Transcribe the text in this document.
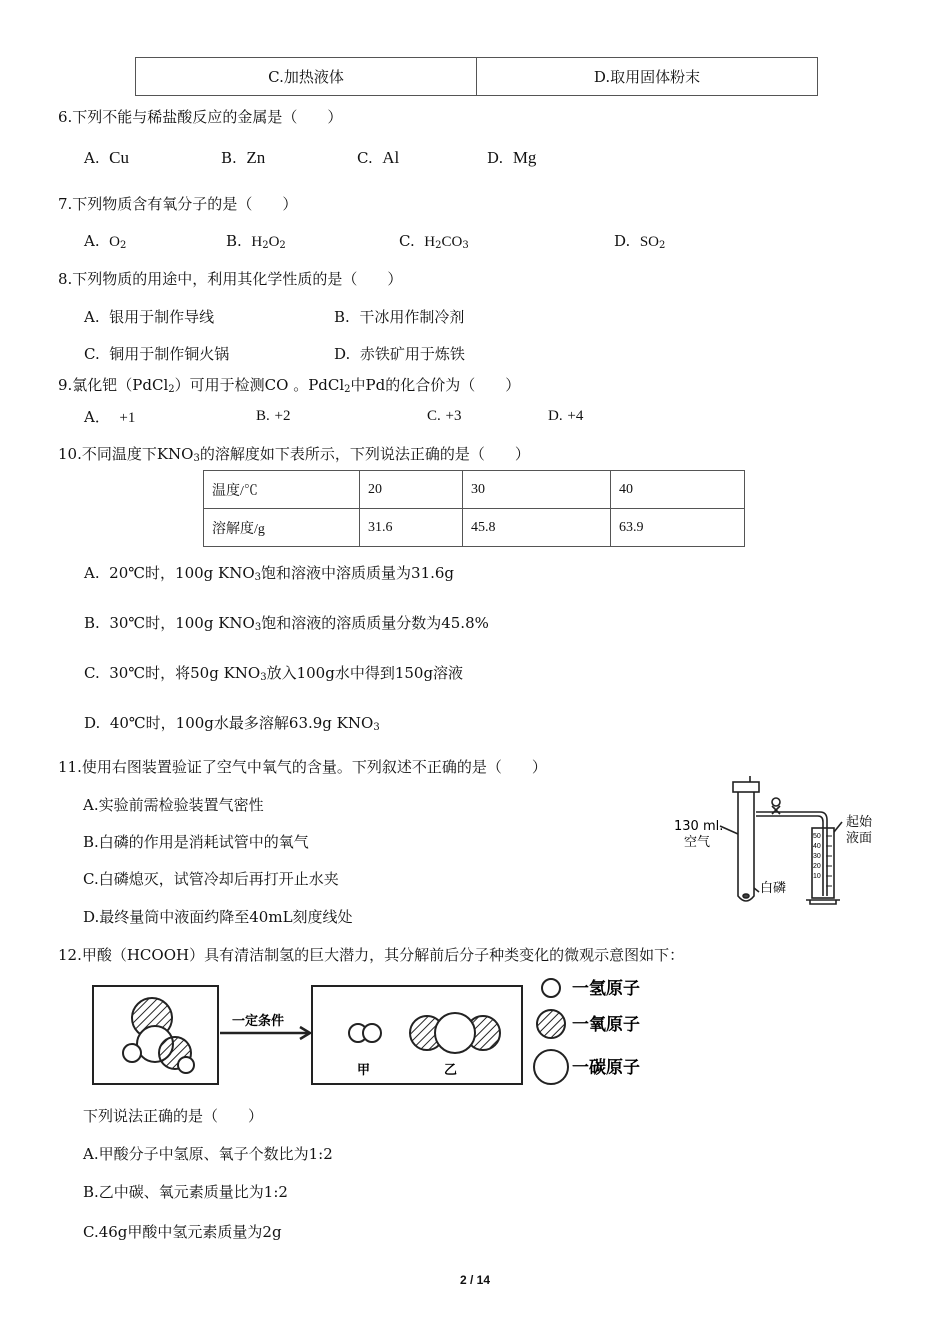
C.加热液体	D.取用固体粉末
6.下列不能与稀盐酸反应的金属是（　　）
A. Cu	B. Zn	C. Al	D. Mg
7.下列物质含有氧分子的是（　　）
A. $O_2$	B. $H_2O_2$	C. $H_2CO_3$	D. $SO_2$
8.下列物质的用途中，利用其化学性质的是（　　）
A. 银用于制作导线	B. 干冰用作制冷剂
C. 铜用于制作铜火锅	D. 赤铁矿用于炼铁
9.氯化钯（PdCl$_2$）可用于检测CO 。PdCl$_2$中Pd的化合价为（　　）
A． +1	B. +2	C. +3	D. +4
10.不同温度下$KNO_3$的溶解度如下表所示，下列说法正确的是（　　）
温度/℃	20	30	40
溶解度/g	31.6	45.8	63.9
A. 20℃时，100g $KNO_3$饱和溶液中溶质质量为31.6g
B. 30℃时，100g $KNO_3$饱和溶液的溶质质量分数为45.8%
C. 30℃时，将50g $KNO_3$放入100g水中得到150g溶液
D. 40℃时，100g水最多溶解63.9g $KNO_3$
11.使用右图装置验证了空气中氧气的含量。下列叙述不正确的是（　　）
A.实验前需检验装置气密性
B.白磷的作用是消耗试管中的氧气
C.白磷熄灭，试管冷却后再打开止水夹
D.最终量筒中液面约降至40mL刻度线处
130 ml.
空气
白磷
起始
液面
50
40
30
20
10
12.甲酸（HCOOH）具有清洁制氢的巨大潜力，其分解前后分子种类变化的微观示意图如下：
一定条件
甲	乙
一氢原子
一氧原子
一碳原子
下列说法正确的是（　　）
A.甲酸分子中氢原、氧子个数比为1:2
B.乙中碳、氧元素质量比为1:2
C.46g甲酸中氢元素质量为2g
2 / 14
